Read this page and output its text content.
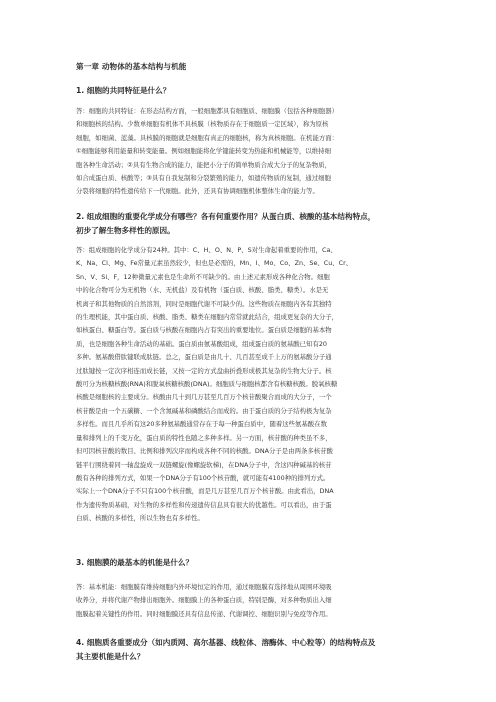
第一章 动物体的基本结构与机能
1. 细胞的共同特征是什么？
答：细胞的共同特征：在形态结构方面，一般细胞都具有细胞质、细胞膜（包括各种细胞器）
和细胞核的结构。少数单细胞有机体不具核膜（核物质存在于细胞质一定区域），称为原核
细胞，如细菌、蓝藻。具核膜的细胞就是细胞有真正的细胞核，称为真核细胞。在机能方面：
①细胞能够利用能量和转变能量。例如细胞能将化学键能转变为热能和机械能等，以维持细
胞各种生命活动；②具有生物合成的能力，能把小分子的简单物质合成大分子的复杂物质，
如合成蛋白质、核酸等；③具有自我复制和分裂繁殖的能力，如遗传物质的复制，通过细胞
分裂将细胞的特性遗传给下一代细胞。此外，还具有协调细胞机体整体生命的能力等。
2. 组成细胞的重要化学成分有哪些？各有何重要作用？从蛋白质、核酸的基本结构特点，
初步了解生物多样性的原因。
答：组成细胞的化学成分有24种。其中：C、H、O、N、P、S对生命起着重要的作用，Ca、
K、Na、Cl、Mg、Fe常量元素虽然较少，但也是必需的，Mn、I、Mo、Co、Zn、Se、Cu、Cr、
Sn、V、Si、F，12种微量元素也是生命所不可缺少的。由上述元素形成各种化合物。细胞
中的化合物可分为无机物（水、无机盐）及有机物（蛋白质、核酸、脂类、糖类）。水是无
机离子和其他物质的自然溶剂，同时是细胞代谢不可缺少的。这些物质在细胞内各有其独特
的生理机能，其中蛋白质、核酸、脂类、糖类在细胞内常常就此结合，组成更复杂的大分子，
如核蛋白、糖蛋白等。蛋白质与核酸在细胞内占有突出的重要地位。蛋白质是细胞的基本物
质，也是细胞各种生命活动的基础。蛋白质由氨基酸组成，组成蛋白质的氨基酸已知有20
多种。氨基酸借肽键联成肽链。总之，蛋白质是由几十、几百甚至成千上万的氨基酸分子通
过肽键按一定次序相连而成长链，又按一定的方式盘曲折叠形成极其复杂的生物大分子。核
酸可分为核糖核酸(RNA)和脱氧核糖核酸(DNA)。细胞质与细胞核都含有核糖核酸。脱氧核糖
核酸是细胞核的主要成分。核酸由几十到几万甚至几百万个核苷酸聚合而成的大分子，一个
核苷酸是由一个五碳糖、一个含氮碱基和磷酸结合而成的。由于蛋白质的分子结构极为复杂
多样性。而且几乎所有这20多种氨基酸通常存在于每一种蛋白质中，随着这些氨基酸在数
量和排列上的千变万化，蛋白质的特性也随之多种多样。另一方面，核苷酸的种类虽不多，
但可因核苷酸的数目、比例和排列次序而构成各种不同的核酸。DNA分子是由两条多核苷酸
链平行围绕着同一轴盘旋成一双链螺旋(像螺旋软梯)，在DNA分子中，含这四种碱基的核苷
酸有各种的排列方式，如果一个DNA分子有100个核苷酸，就可能有4100种的排列方式。
实际上一个DNA分子不只有100个核苷酸，而是几万甚至几百万个核苷酸。由此看出，DNA
作为遗传物质基础，对生物的多样性和传递遗传信息具有很大的优越性。可以看出，由于蛋
白质、核酸的多样性，所以生物也有多样性。
3. 细胞膜的最基本的机能是什么？
答：基本机能：细胞膜有维持细胞内外环境恒定的作用，通过细胞膜有选择地从周围环境吸
收养分，并将代谢产物排出细胞外。细胞膜上的各种蛋白质，特别是酶，对多种物质出入细
胞膜起着关键性的作用。同时细胞膜还具有信息传递、代谢调控、细胞识别与免疫等作用。
4. 细胞质各重要成分（如内质网、高尔基器、线粒体、溶酶体、中心粒等）的结构特点及
其主要机能是什么？
